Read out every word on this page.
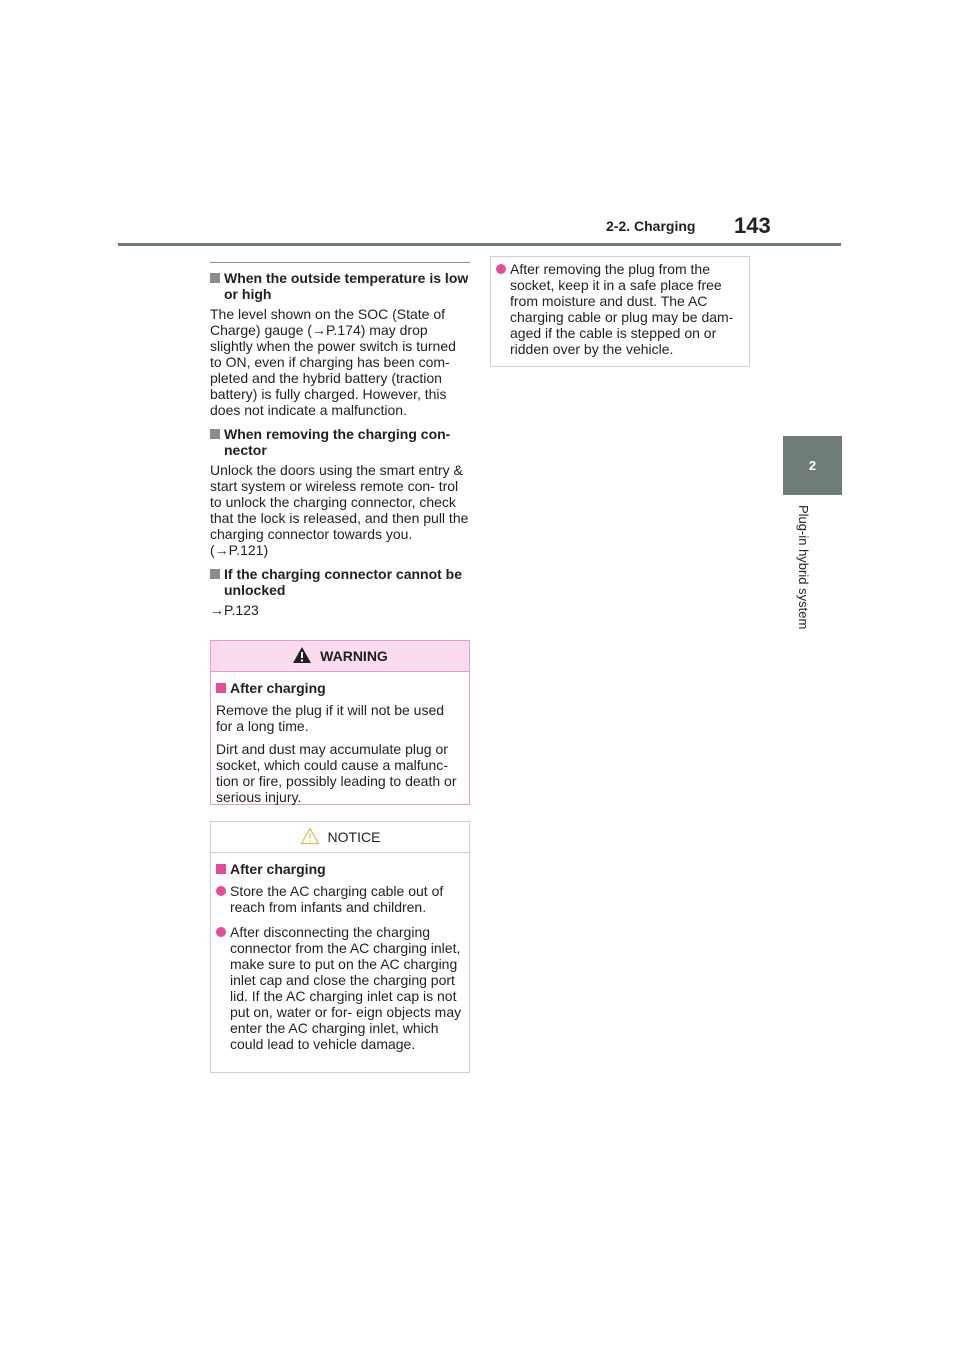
2-2. Charging 143
2
Plug-in hybrid system
When the outside temperature is low or high
The level shown on the SOC (State of Charge) gauge (→P.174) may drop slightly when the power switch is turned to ON, even if charging has been com- pleted and the hybrid battery (traction battery) is fully charged. However, this does not indicate a malfunction.
When removing the charging con- nector
Unlock the doors using the smart entry & start system or wireless remote con- trol to unlock the charging connector, check that the lock is released, and then pull the charging connector towards you. (→P.121)
If the charging connector cannot be unlocked
→P.123
WARNING
After charging
Remove the plug if it will not be used for a long time.
Dirt and dust may accumulate plug or socket, which could cause a malfunc- tion or fire, possibly leading to death or serious injury.
NOTICE
After charging
Store the AC charging cable out of reach from infants and children.
After disconnecting the charging connector from the AC charging inlet, make sure to put on the AC charging inlet cap and close the charging port lid. If the AC charging inlet cap is not put on, water or for- eign objects may enter the AC charging inlet, which could lead to vehicle damage.
After removing the plug from the socket, keep it in a safe place free from moisture and dust. The AC charging cable or plug may be dam- aged if the cable is stepped on or ridden over by the vehicle.
